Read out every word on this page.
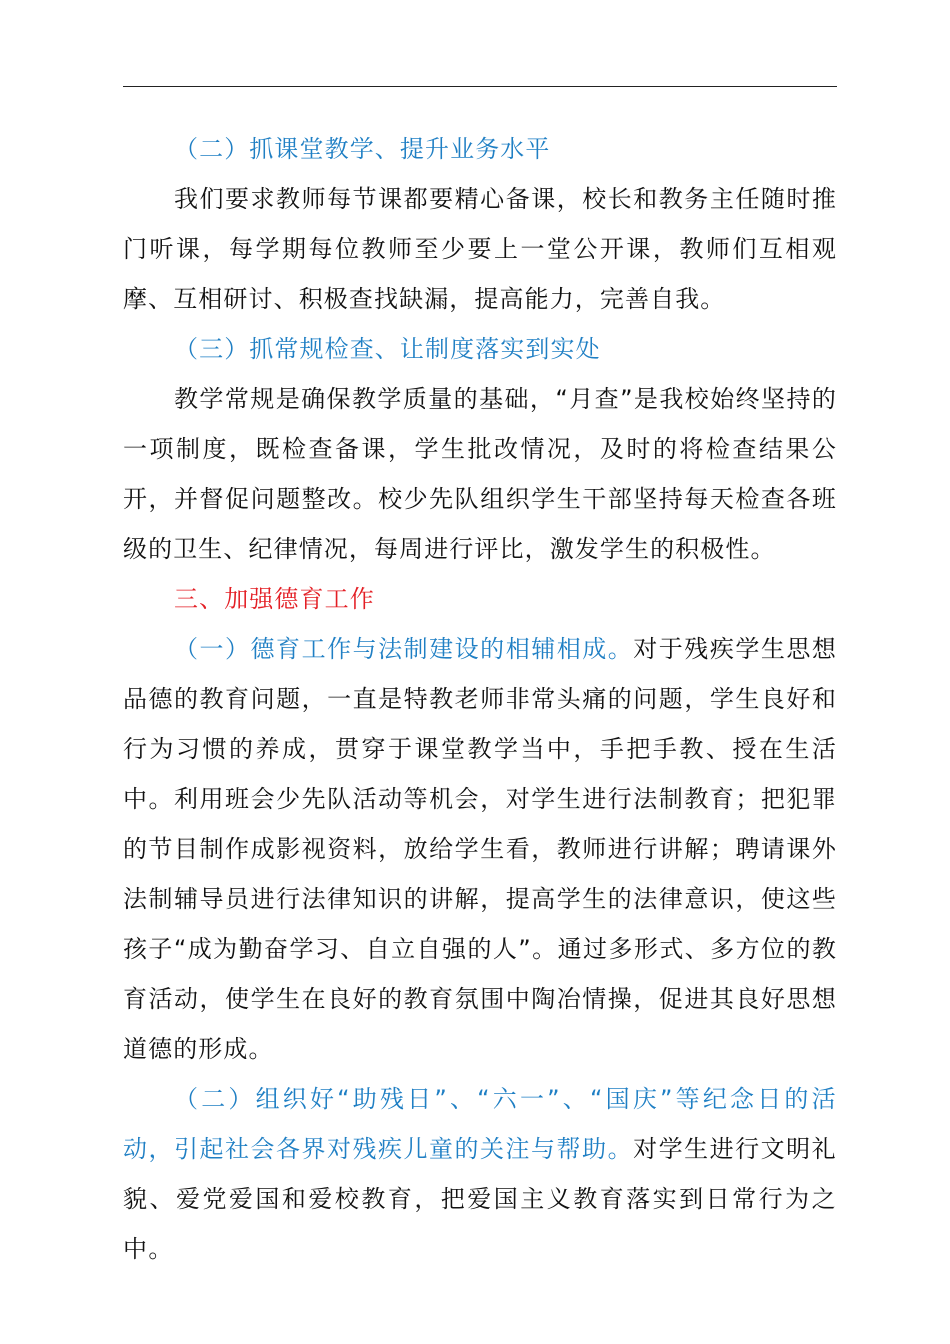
（二）抓课堂教学、提升业务水平

我们要求教师每节课都要精心备课，校长和教务主任随时推门听课，每学期每位教师至少要上一堂公开课，教师们互相观摩、互相研讨、积极查找缺漏，提高能力，完善自我。

（三）抓常规检查、让制度落实到实处

教学常规是确保教学质量的基础，“月查”是我校始终坚持的一项制度，既检查备课，学生批改情况，及时的将检查结果公开，并督促问题整改。校少先队组织学生干部坚持每天检查各班级的卫生、纪律情况，每周进行评比，激发学生的积极性。

三、加强德育工作

（一）德育工作与法制建设的相辅相成。对于残疾学生思想品德的教育问题，一直是特教老师非常头痛的问题，学生良好和行为习惯的养成，贯穿于课堂教学当中，手把手教、授在生活中。利用班会少先队活动等机会，对学生进行法制教育；把犯罪的节目制作成影视资料，放给学生看，教师进行讲解；聘请课外法制辅导员进行法律知识的讲解，提高学生的法律意识，使这些孩子“成为勤奋学习、自立自强的人”。通过多形式、多方位的教育活动，使学生在良好的教育氛围中陶冶情操，促进其良好思想道德的形成。

（二）组织好“助残日”、“六一”、“国庆”等纪念日的活动，引起社会各界对残疾儿童的关注与帮助。对学生进行文明礼貌、爱党爱国和爱校教育，把爱国主义教育落实到日常行为之中。
